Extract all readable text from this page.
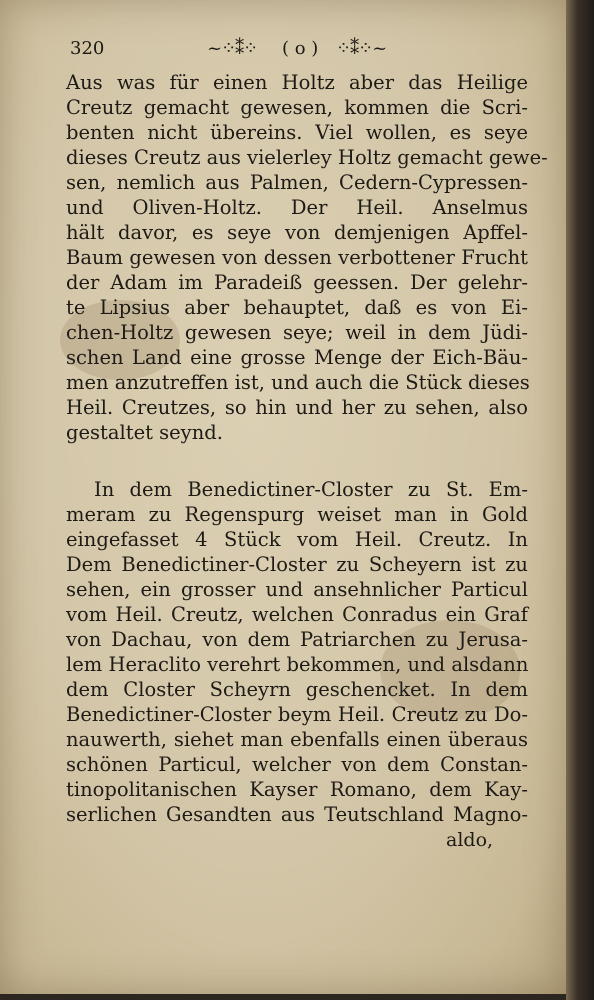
320	~⁘⁑⁘ ( o ) ⁘⁑⁘~
Aus was für einen Holtz aber das Heilige
Creutz gemacht gewesen, kommen die Scri-
benten nicht übereins. Viel wollen, es seye
dieses Creutz aus vielerley Holtz gemacht gewe-
sen, nemlich aus Palmen, Cedern-Cypressen-
und Oliven-Holtz. Der Heil. Anselmus
hält davor, es seye von demjenigen Apffel-
Baum gewesen von dessen verbottener Frucht
der Adam im Paradeiß geessen. Der gelehr-
te Lipsius aber behauptet, daß es von Ei-
chen-Holtz gewesen seye; weil in dem Jüdi-
schen Land eine grosse Menge der Eich-Bäu-
men anzutreffen ist, und auch die Stück dieses
Heil. Creutzes, so hin und her zu sehen, also
gestaltet seynd.
In dem Benedictiner-Closter zu St. Em-
meram zu Regenspurg weiset man in Gold
eingefasset 4 Stück vom Heil. Creutz. In
Dem Benedictiner-Closter zu Scheyern ist zu
sehen, ein grosser und ansehnlicher Particul
vom Heil. Creutz, welchen Conradus ein Graf
von Dachau, von dem Patriarchen zu Jerusa-
lem Heraclito verehrt bekommen, und alsdann
dem Closter Scheyrn geschencket. In dem
Benedictiner-Closter beym Heil. Creutz zu Do-
nauwerth, siehet man ebenfalls einen überaus
schönen Particul, welcher von dem Constan-
tinopolitanischen Kayser Romano, dem Kay-
serlichen Gesandten aus Teutschland Magno-
aldo,
